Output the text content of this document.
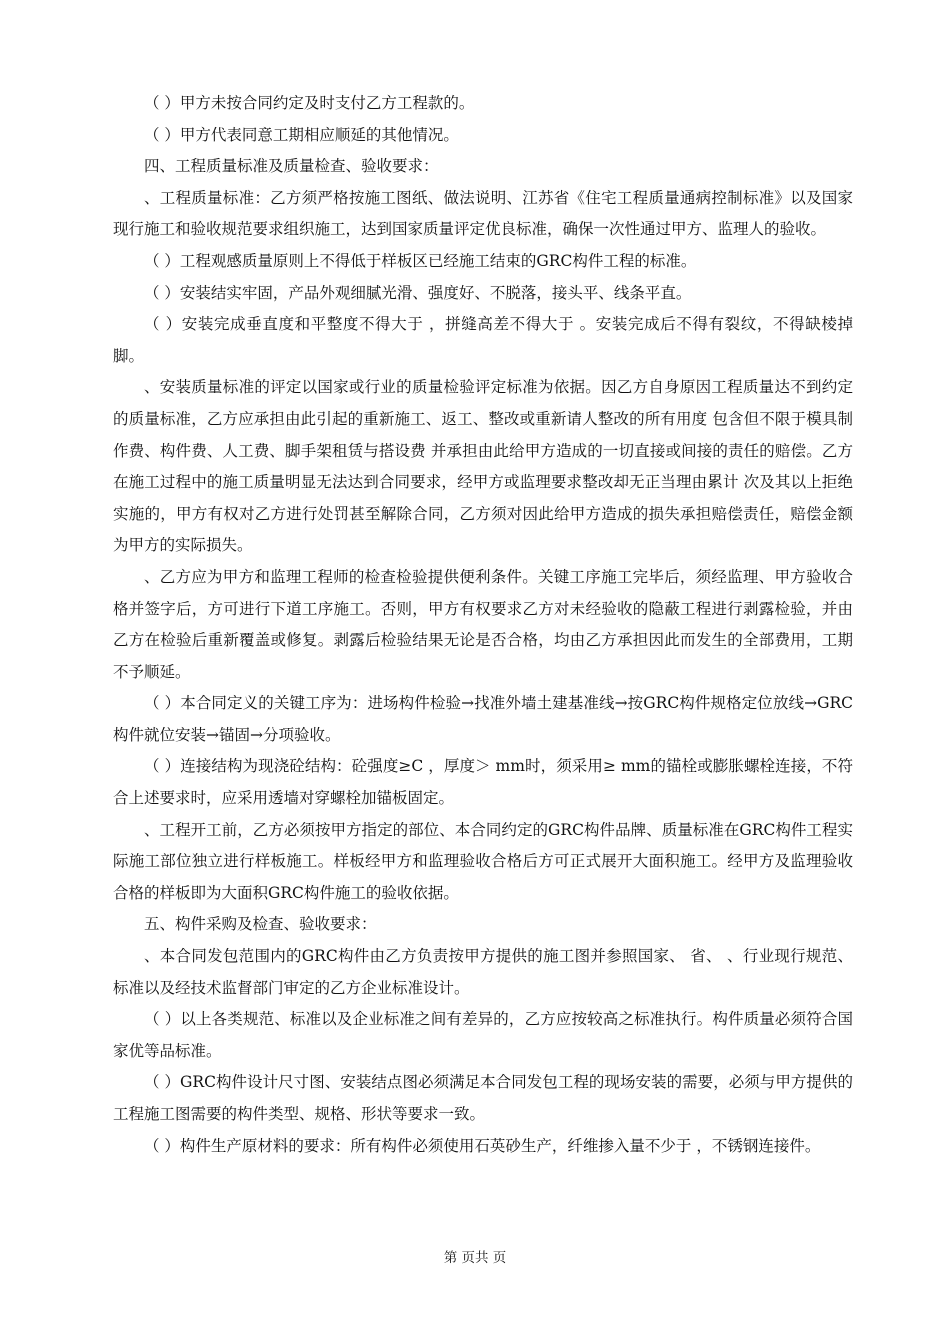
（ ）甲方未按合同约定及时支付乙方工程款的。

（ ）甲方代表同意工期相应顺延的其他情况。

四、工程质量标准及质量检查、验收要求：

、工程质量标准：乙方须严格按施工图纸、做法说明、江苏省《住宅工程质量通病控制标准》以及国家现行施工和验收规范要求组织施工，达到国家质量评定优良标准，确保一次性通过甲方、监理人的验收。

（ ）工程观感质量原则上不得低于样板区已经施工结束的GRC构件工程的标准。

（ ）安装结实牢固，产品外观细腻光滑、强度好、不脱落，接头平、线条平直。

（ ）安装完成垂直度和平整度不得大于 ，拼缝高差不得大于 。安装完成后不得有裂纹，不得缺棱掉脚。

、安装质量标准的评定以国家或行业的质量检验评定标准为依据。因乙方自身原因工程质量达不到约定的质量标准，乙方应承担由此引起的重新施工、返工、整改或重新请人整改的所有用度 包含但不限于模具制作费、构件费、人工费、脚手架租赁与搭设费 并承担由此给甲方造成的一切直接或间接的责任的赔偿。乙方在施工过程中的施工质量明显无法达到合同要求，经甲方或监理要求整改却无正当理由累计 次及其以上拒绝实施的，甲方有权对乙方进行处罚甚至解除合同，乙方须对因此给甲方造成的损失承担赔偿责任，赔偿金额为甲方的实际损失。

、乙方应为甲方和监理工程师的检查检验提供便利条件。关键工序施工完毕后，须经监理、甲方验收合格并签字后，方可进行下道工序施工。否则，甲方有权要求乙方对未经验收的隐蔽工程进行剥露检验，并由乙方在检验后重新覆盖或修复。剥露后检验结果无论是否合格，均由乙方承担因此而发生的全部费用，工期不予顺延。

（ ）本合同定义的关键工序为：进场构件检验→找准外墙土建基准线→按GRC构件规格定位放线→GRC构件就位安装→锚固→分项验收。

（ ）连接结构为现浇砼结构：砼强度≥C ，厚度＞ mm时，须采用≥ mm的锚栓或膨胀螺栓连接，不符合上述要求时，应采用透墙对穿螺栓加锚板固定。

、工程开工前，乙方必须按甲方指定的部位、本合同约定的GRC构件品牌、质量标准在GRC构件工程实际施工部位独立进行样板施工。样板经甲方和监理验收合格后方可正式展开大面积施工。经甲方及监理验收合格的样板即为大面积GRC构件施工的验收依据。

五、构件采购及检查、验收要求：

、本合同发包范围内的GRC构件由乙方负责按甲方提供的施工图并参照国家、 省、 、行业现行规范、标准以及经技术监督部门审定的乙方企业标准设计。

（ ）以上各类规范、标准以及企业标准之间有差异的，乙方应按较高之标准执行。构件质量必须符合国家优等品标准。

（ ）GRC构件设计尺寸图、安装结点图必须满足本合同发包工程的现场安装的需要，必须与甲方提供的工程施工图需要的构件类型、规格、形状等要求一致。

（ ）构件生产原材料的要求：所有构件必须使用石英砂生产，纤维掺入量不少于 ，不锈钢连接件。

第 页共 页
